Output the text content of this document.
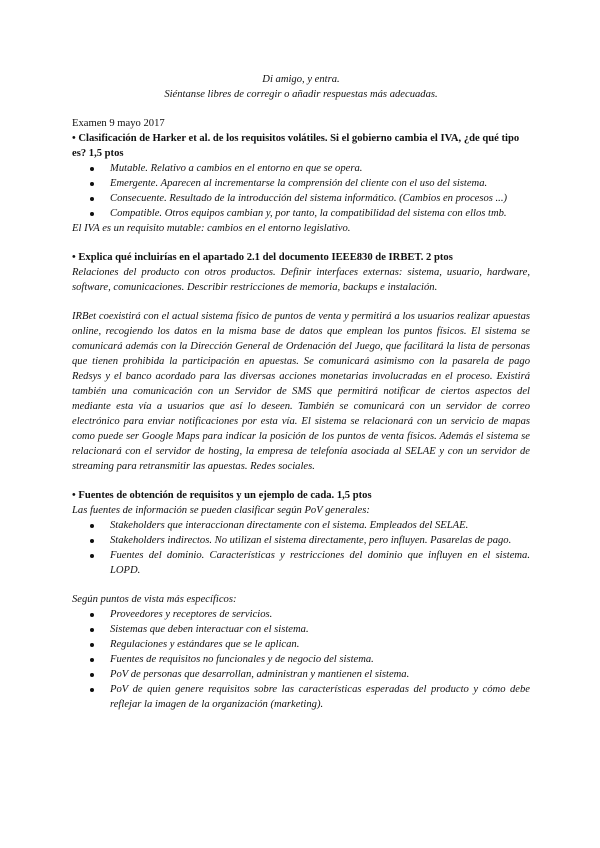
Di amigo, y entra.

Siéntanse libres de corregir o añadir respuestas más adecuadas.

Examen 9 mayo 2017

• Clasificación de Harker et al. de los requisitos volátiles. Si el gobierno cambia el IVA, ¿de qué tipo es? 1,5 ptos

Mutable. Relativo a cambios en el entorno en que se opera.
Emergente. Aparecen al incrementarse la comprensión del cliente con el uso del sistema.
Consecuente. Resultado de la introducción del sistema informático. (Cambios en procesos ...)
Compatible. Otros equipos cambian y, por tanto, la compatibilidad del sistema con ellos tmb.

El IVA es un requisito mutable: cambios en el entorno legislativo.

• Explica qué incluirías en el apartado 2.1 del documento IEEE830 de IRBET. 2 ptos

Relaciones del producto con otros productos. Definir interfaces externas: sistema, usuario, hardware, software, comunicaciones. Describir restricciones de memoria, backups e instalación.

IRBet coexistirá con el actual sistema físico de puntos de venta y permitirá a los usuarios realizar apuestas online, recogiendo los datos en la misma base de datos que emplean los puntos físicos. El sistema se comunicará además con la Dirección General de Ordenación del Juego, que facilitará la lista de personas que tienen prohibida la participación en apuestas. Se comunicará asimismo con la pasarela de pago Redsys y el banco acordado para las diversas acciones monetarias involucradas en el proceso. Existirá también una comunicación con un Servidor de SMS que permitirá notificar de ciertos aspectos del mediante esta vía a usuarios que así lo deseen. También se comunicará con un servidor de correo electrónico para enviar notificaciones por esta vía. El sistema se relacionará con un servicio de mapas como puede ser Google Maps para indicar la posición de los puntos de venta físicos. Además el sistema se relacionará con el servidor de hosting, la empresa de telefonía asociada al SELAE y con un servidor de streaming para retransmitir las apuestas. Redes sociales.

• Fuentes de obtención de requisitos y un ejemplo de cada. 1,5 ptos

Las fuentes de información se pueden clasificar según PoV generales:

Stakeholders que interaccionan directamente con el sistema. Empleados del SELAE.
Stakeholders indirectos. No utilizan el sistema directamente, pero influyen. Pasarelas de pago.
Fuentes del dominio. Características y restricciones del dominio que influyen en el sistema. LOPD.

Según puntos de vista más específicos:

Proveedores y receptores de servicios.
Sistemas que deben interactuar con el sistema.
Regulaciones y estándares que se le aplican.
Fuentes de requisitos no funcionales y de negocio del sistema.
PoV de personas que desarrollan, administran y mantienen el sistema.
PoV de quien genere requisitos sobre las características esperadas del producto y cómo debe reflejar la imagen de la organización (marketing).
